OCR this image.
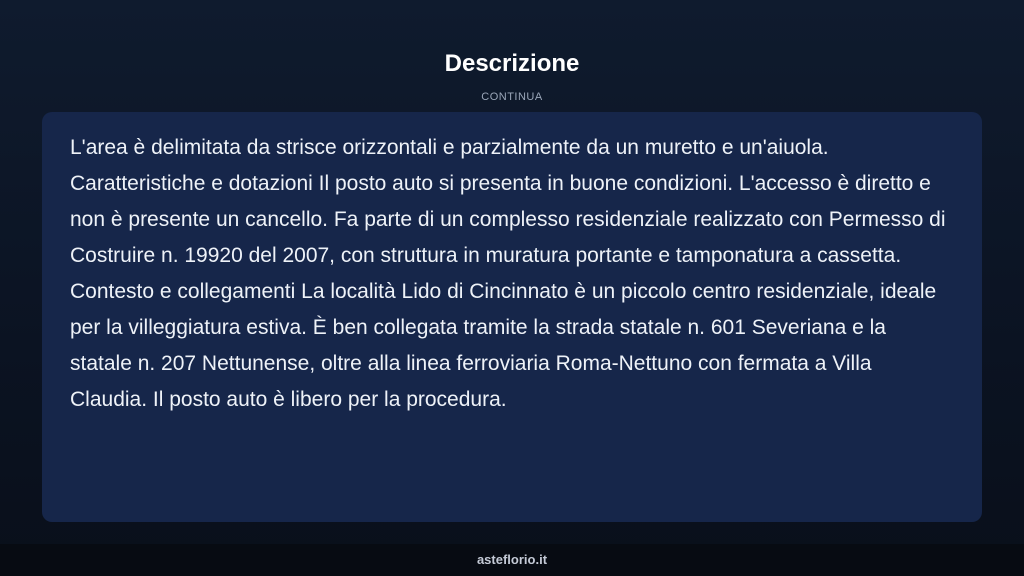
Descrizione
CONTINUA

L'area è delimitata da strisce orizzontali e parzialmente da un muretto e un'aiuola. Caratteristiche e dotazioni Il posto auto si presenta in buone condizioni. L'accesso è diretto e non è presente un cancello. Fa parte di un complesso residenziale realizzato con Permesso di Costruire n. 19920 del 2007, con struttura in muratura portante e tamponatura a cassetta. Contesto e collegamenti La località Lido di Cincinnato è un piccolo centro residenziale, ideale per la villeggiatura estiva. È ben collegata tramite la strada statale n. 601 Severiana e la statale n. 207 Nettunense, oltre alla linea ferroviaria Roma-Nettuno con fermata a Villa Claudia. Il posto auto è libero per la procedura.

asteflorio.it
